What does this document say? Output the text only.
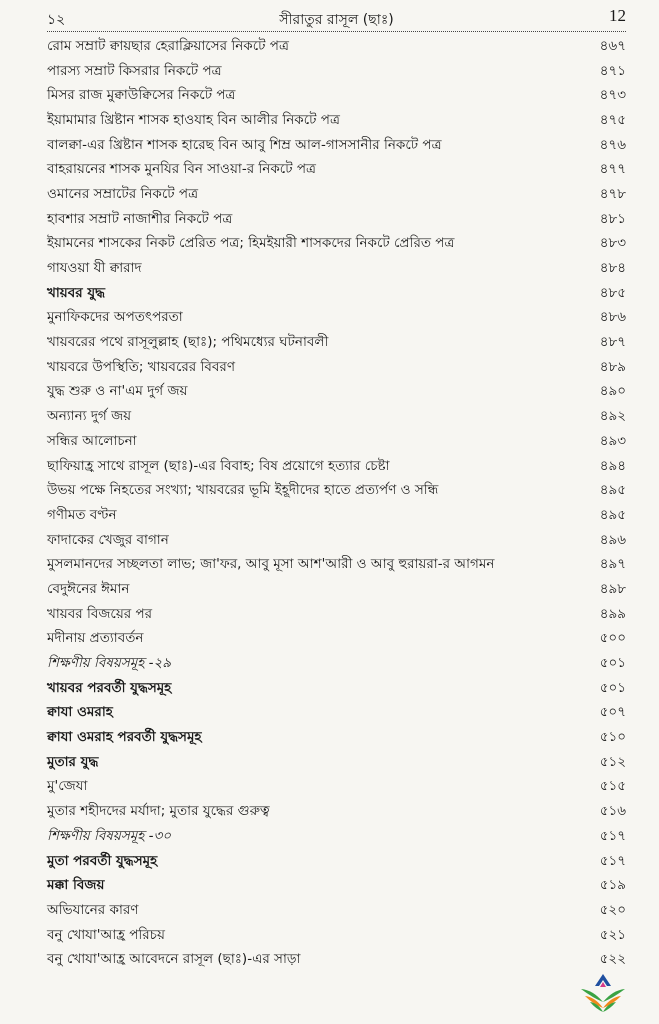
১২	সীরাতুর রাসূল (ছাঃ)	12
রোম সম্রাট ক্বায়ছার হেরাক্লিয়াসের নিকটে পত্র	৪৬৭
পারস্য সম্রাট কিসরার নিকটে পত্র	৪৭১
মিসর রাজ মুক্বাউক্বিসের নিকটে পত্র	৪৭৩
ইয়ামামার খ্রিষ্টান শাসক হাওযাহ বিন আলীর নিকটে পত্র	৪৭৫
বালক্বা-এর খ্রিষ্টান শাসক হারেছ বিন আবু শিম্র আল-গাসসানীর নিকটে পত্র	৪৭৬
বাহরায়নের শাসক মুনযির বিন সাওয়া-র নিকটে পত্র	৪৭৭
ওমানের সম্রাটের নিকটে পত্র	৪৭৮
হাবশার সম্রাট নাজাশীর নিকটে পত্র	৪৮১
ইয়ামনের শাসকের নিকট প্রেরিত পত্র; হিমইয়ারী শাসকদের নিকটে প্রেরিত পত্র	৪৮৩
গাযওয়া যী ক্বারাদ	৪৮৪
খায়বর যুদ্ধ	৪৮৫
মুনাফিকদের অপতৎপরতা	৪৮৬
খায়বরের পথে রাসূলুল্লাহ (ছাঃ); পথিমধ্যের ঘটনাবলী	৪৮৭
খায়বরে উপস্থিতি; খায়বরের বিবরণ	৪৮৯
যুদ্ধ শুরু ও না'এম দুর্গ জয়	৪৯০
অন্যান্য দুর্গ জয়	৪৯২
সন্ধির আলোচনা	৪৯৩
ছাফিয়াহ্র সাথে রাসূল (ছাঃ)-এর বিবাহ; বিষ প্রয়োগে হত্যার চেষ্টা	৪৯৪
উভয় পক্ষে নিহতের সংখ্যা; খায়বরের ভূমি ইহূদীদের হাতে প্রত্যর্পণ ও সন্ধি	৪৯৫
গণীমত বণ্টন	৪৯৫
ফাদাকের খেজুর বাগান	৪৯৬
মুসলমানদের সচ্ছলতা লাভ; জা'ফর, আবু মূসা আশ'আরী ও আবু হুরায়রা-র আগমন	৪৯৭
বেদুঈনের ঈমান	৪৯৮
খায়বর বিজয়ের পর	৪৯৯
মদীনায় প্রত্যাবর্তন	৫০০
শিক্ষণীয় বিষয়সমূহ -২৯	৫০১
খায়বর পরবর্তী যুদ্ধসমূহ	৫০১
ক্বাযা ওমরাহ	৫০৭
ক্বাযা ওমরাহ পরবর্তী যুদ্ধসমূহ	৫১০
মুতার যুদ্ধ	৫১২
মু'জেযা	৫১৫
মুতার শহীদদের মর্যাদা; মুতার যুদ্ধের গুরুত্ব	৫১৬
শিক্ষণীয় বিষয়সমূহ -৩০	৫১৭
মুতা পরবর্তী যুদ্ধসমূহ	৫১৭
মক্কা বিজয়	৫১৯
অভিযানের কারণ	৫২০
বনু খোযা'আহ্র পরিচয়	৫২১
বনু খোযা'আহ্র আবেদনে রাসূল (ছাঃ)-এর সাড়া	৫২২
